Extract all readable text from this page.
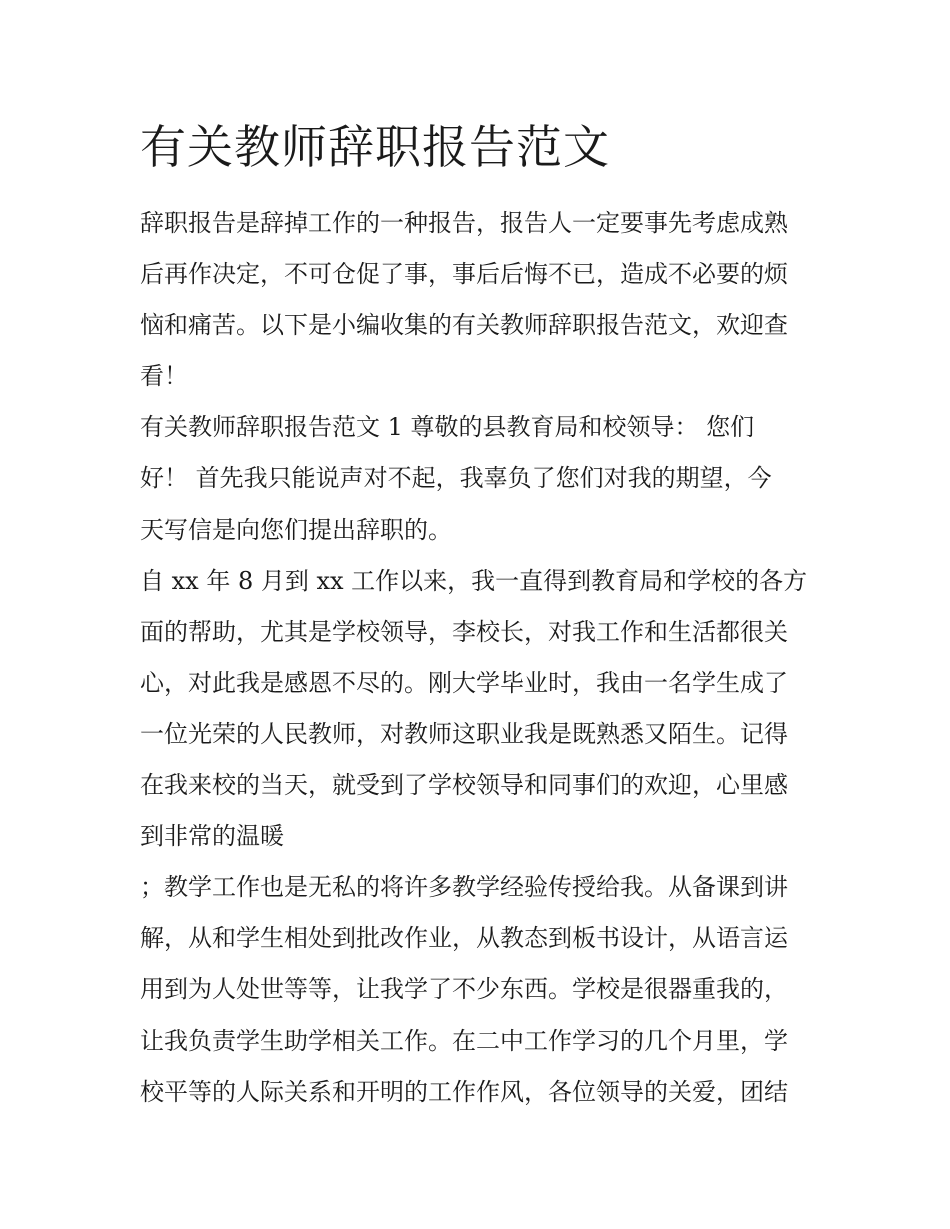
有关教师辞职报告范文
辞职报告是辞掉工作的一种报告，报告人一定要事先考虑成熟
后再作决定，不可仓促了事，事后后悔不已，造成不必要的烦
恼和痛苦。以下是小编收集的有关教师辞职报告范文，欢迎查
看！
有关教师辞职报告范文 1 尊敬的县教育局和校领导： 您们
好！ 首先我只能说声对不起，我辜负了您们对我的期望，今
天写信是向您们提出辞职的。
自 xx 年 8 月到 xx 工作以来，我一直得到教育局和学校的各方
面的帮助，尤其是学校领导，李校长，对我工作和生活都很关
心，对此我是感恩不尽的。刚大学毕业时，我由一名学生成了
一位光荣的人民教师，对教师这职业我是既熟悉又陌生。记得
在我来校的当天，就受到了学校领导和同事们的欢迎，心里感
到非常的温暖
；教学工作也是无私的将许多教学经验传授给我。从备课到讲
解，从和学生相处到批改作业，从教态到板书设计，从语言运
用到为人处世等等，让我学了不少东西。学校是很器重我的，
让我负责学生助学相关工作。在二中工作学习的几个月里，学
校平等的人际关系和开明的工作作风，各位领导的关爱，团结
